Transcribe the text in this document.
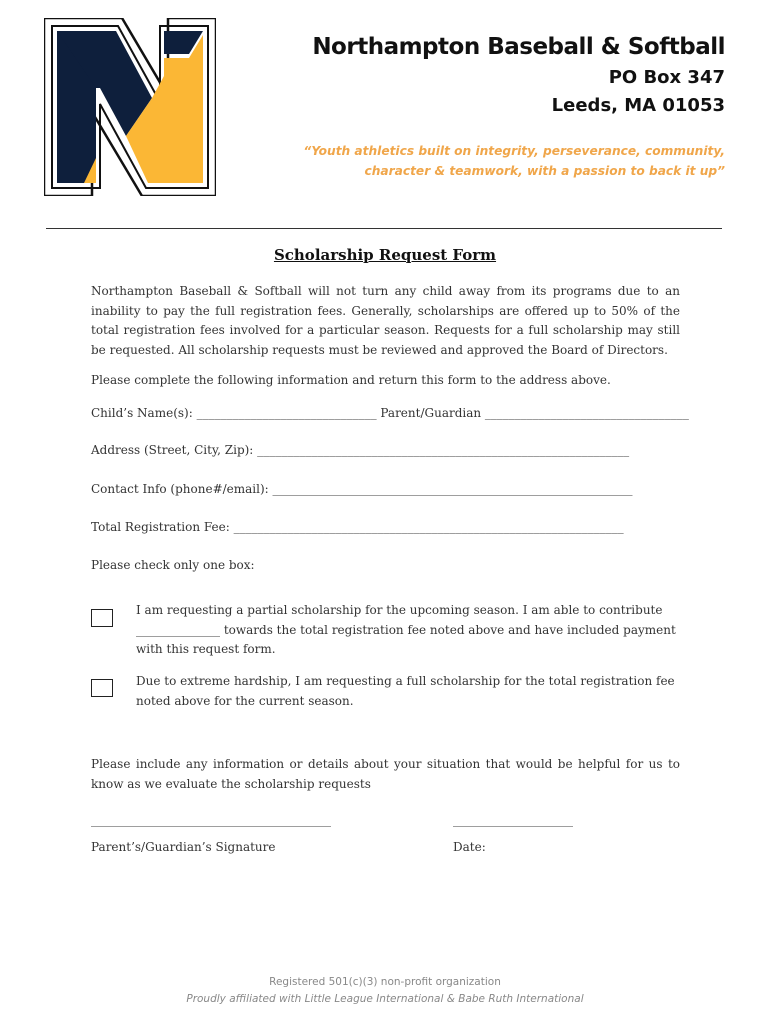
Northampton Baseball & Softball
PO Box 347
Leeds, MA 01053
“Youth athletics built on integrity, perseverance, community,
character & teamwork, with a passion to back it up”
Scholarship Request Form
Northampton Baseball & Softball will not turn any child away from its programs due to an inability to pay the full registration fees. Generally, scholarships are offered up to 50% of the total registration fees involved for a particular season. Requests for a full scholarship may still be requested. All scholarship requests must be reviewed and approved the Board of Directors.
Please complete the following information and return this form to the address above.
Child’s Name(s): ______________________________ Parent/Guardian __________________________________
Address (Street, City, Zip): ______________________________________________________________
Contact Info (phone#/email): ____________________________________________________________
Total Registration Fee: _________________________________________________________________
Please check only one box:
I am requesting a partial scholarship for the upcoming season. I am able to contribute
______________ towards the total registration fee noted above and have included payment
with this request form.
Due to extreme hardship, I am requesting a full scholarship for the total registration fee
noted above for the current season.
Please include any information or details about your situation that would be helpful for us to know as we evaluate the scholarship requests
________________________________________	____________________
Parent’s/Guardian’s Signature	Date:
Registered 501(c)(3) non-profit organization
Proudly affiliated with Little League International & Babe Ruth International
